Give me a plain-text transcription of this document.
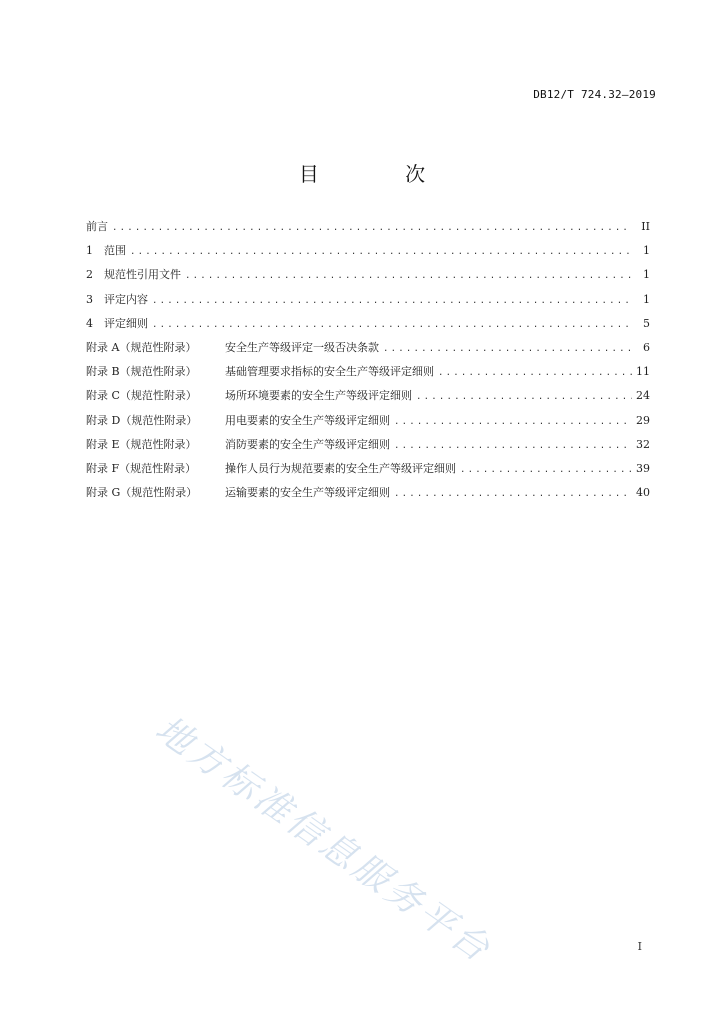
DB12/T 724.32—2019
目 次
前言 .....	II
1	范围 .....	1
2	规范性引用文件 .....	1
3	评定内容 .....	1
4	评定细则 .....	5
附录 A（规范性附录）	安全生产等级评定一级否决条款 .....	6
附录 B（规范性附录）	基础管理要求指标的安全生产等级评定细则 .....	11
附录 C（规范性附录）	场所环境要素的安全生产等级评定细则 .....	24
附录 D（规范性附录）	用电要素的安全生产等级评定细则 .....	29
附录 E（规范性附录）	消防要素的安全生产等级评定细则 .....	32
附录 F（规范性附录）	操作人员行为规范要素的安全生产等级评定细则 .....	39
附录 G（规范性附录）	运输要素的安全生产等级评定细则 .....	40
地方标准信息服务平台	I
